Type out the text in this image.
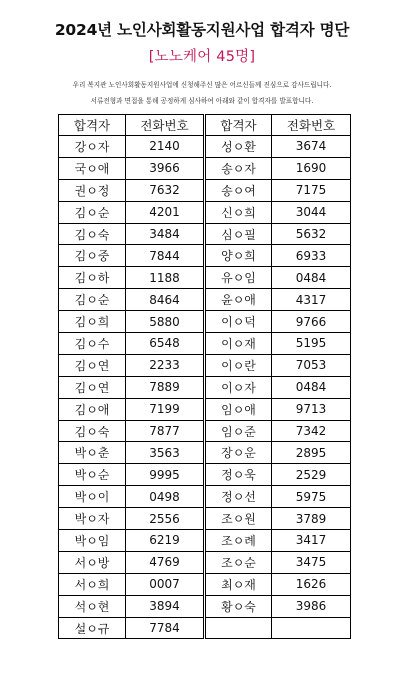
2024년 노인사회활동지원사업 합격자 명단
[노노케어 45명]
우리 복지관 노인사회활동지원사업에 신청해주신 많은 어르신들께 진심으로 감사드립니다.
서류전형과 면접을 통해 공정하게 심사하여 아래와 같이 합격자를 발표합니다.
합격자	전화번호	합격자	전화번호
강ㅇ자	2140	성ㅇ환	3674
국ㅇ애	3966	송ㅇ자	1690
권ㅇ정	7632	송ㅇ여	7175
김ㅇ순	4201	신ㅇ희	3044
김ㅇ숙	3484	심ㅇ필	5632
김ㅇ중	7844	양ㅇ희	6933
김ㅇ하	1188	유ㅇ임	0484
김ㅇ순	8464	윤ㅇ애	4317
김ㅇ희	5880	이ㅇ덕	9766
김ㅇ수	6548	이ㅇ재	5195
김ㅇ연	2233	이ㅇ란	7053
김ㅇ연	7889	이ㅇ자	0484
김ㅇ애	7199	임ㅇ애	9713
김ㅇ숙	7877	임ㅇ준	7342
박ㅇ춘	3563	장ㅇ운	2895
박ㅇ순	9995	정ㅇ욱	2529
박ㅇ이	0498	정ㅇ선	5975
박ㅇ자	2556	조ㅇ원	3789
박ㅇ임	6219	조ㅇ례	3417
서ㅇ방	4769	조ㅇ순	3475
서ㅇ희	0007	최ㅇ재	1626
석ㅇ현	3894	황ㅇ숙	3986
설ㅇ규	7784		
